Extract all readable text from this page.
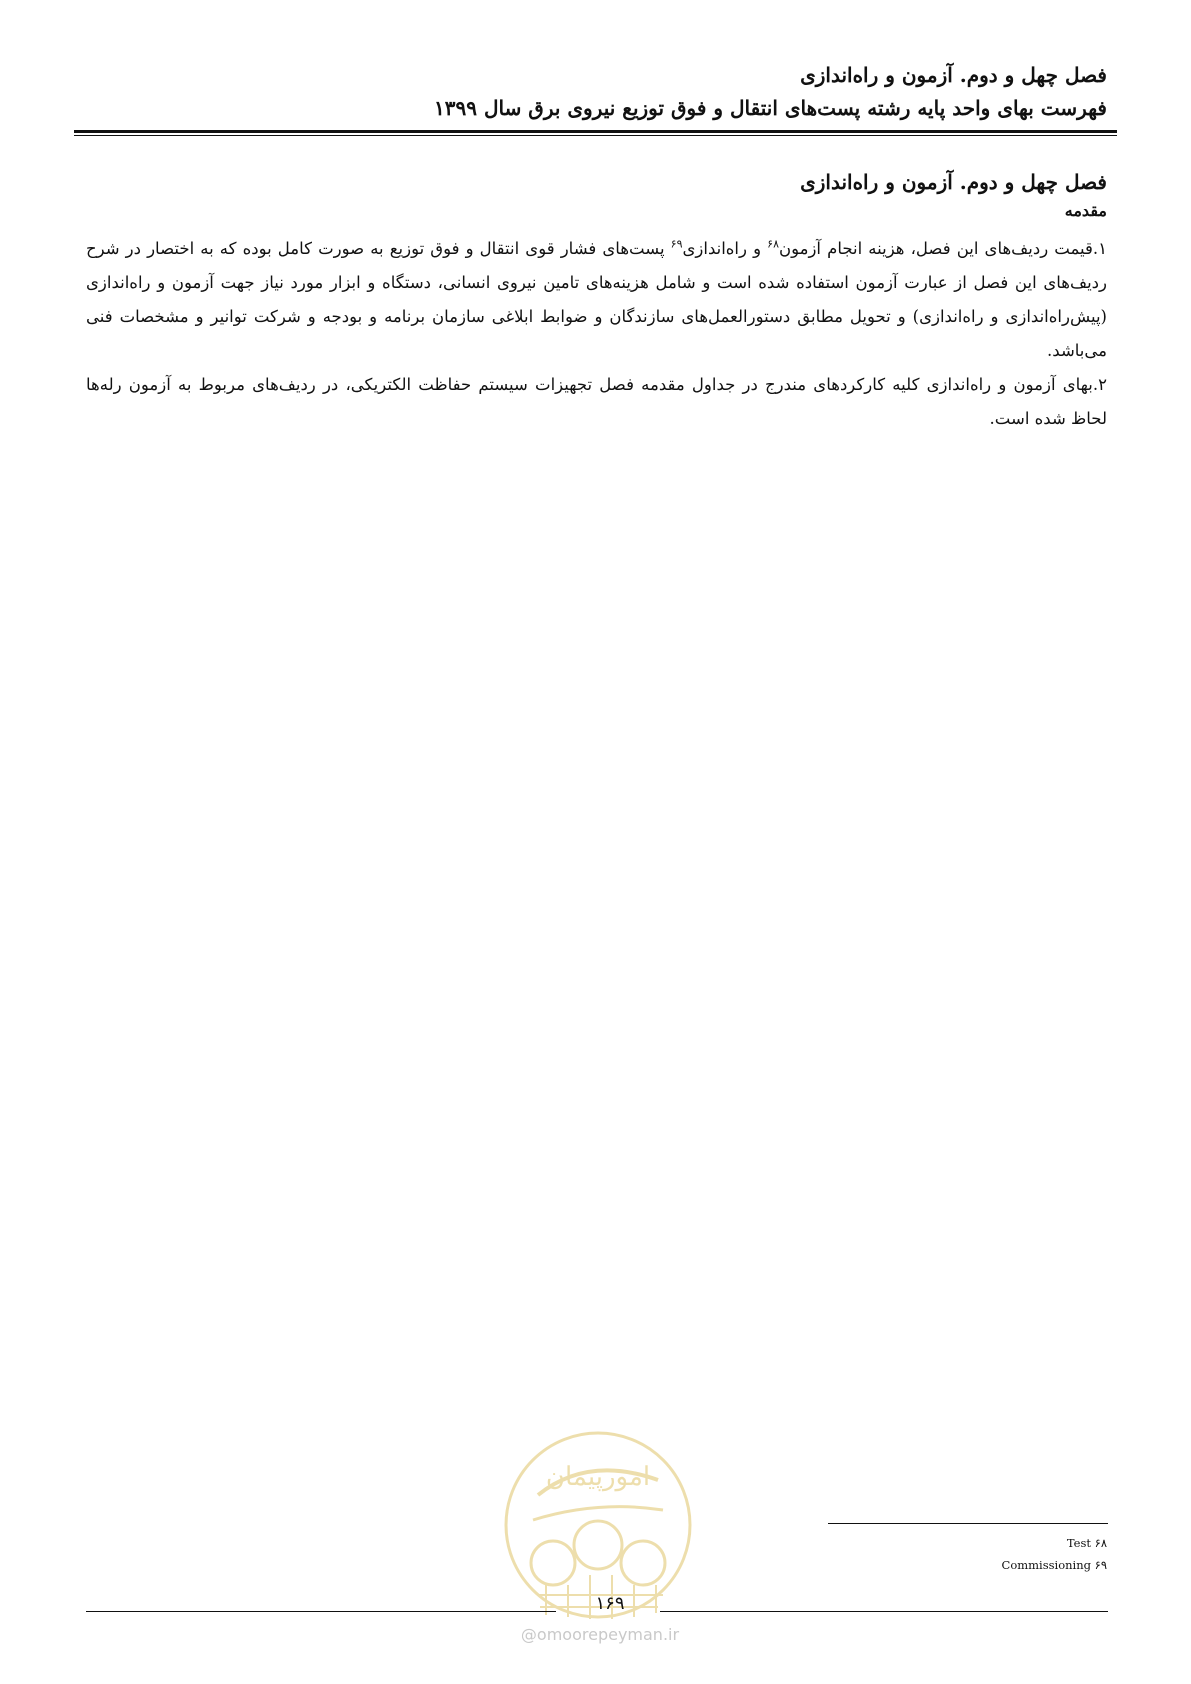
فصل چهل و دوم. آزمون و راه‌اندازی
فهرست بهای واحد پایه رشته پست‌های انتقال و فوق توزیع نیروی برق سال ۱۳۹۹
فصل چهل و دوم. آزمون و راه‌اندازی
مقدمه

۱.قیمت ردیف‌های این فصل، هزینه انجام آزمون$^{۶۸}$ و راه‌اندازی$^{۶۹}$ پست‌های فشار قوی انتقال و فوق توزیع به صورت کامل بوده که به اختصار در شرح ردیف‌های این فصل از عبارت آزمون استفاده شده است و شامل هزینه‌های تامین نیروی انسانی، دستگاه و ابزار مورد نیاز جهت آزمون و راه‌اندازی (پیش‌راه‌اندازی و راه‌اندازی) و تحویل مطابق دستورالعمل‌های سازندگان و ضوابط ابلاغی سازمان برنامه و بودجه و شرکت توانیر و مشخصات فنی می‌باشد.

۲.بهای آزمون و راه‌اندازی کلیه کارکردهای مندرج در جداول مقدمه فصل تجهیزات سیستم حفاظت الکتریکی، در ردیف‌های مربوط به آزمون رله‌ها لحاظ شده است.

۶۸ Test
۶۹ Commissioning
امورپیمان
۱۶۹
@omoorepeyman.ir
